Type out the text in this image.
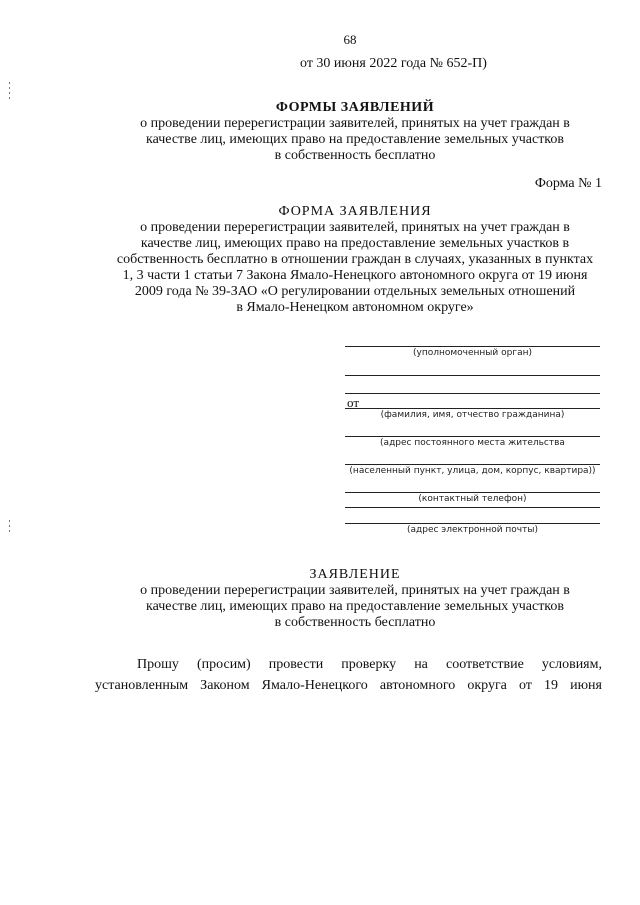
68
от 30 июня 2022 года № 652-П)
ФОРМЫ ЗАЯВЛЕНИЙ
о проведении перерегистрации заявителей, принятых на учет граждан в
качестве лиц, имеющих право на предоставление земельных участков
в собственность бесплатно
Форма № 1
ФОРМА ЗАЯВЛЕНИЯ
о проведении перерегистрации заявителей, принятых на учет граждан в
качестве лиц, имеющих право на предоставление земельных участков в
собственность бесплатно в отношении граждан в случаях, указанных в пунктах
1, 3 части 1 статьи 7 Закона Ямало-Ненецкого автономного округа от 19 июня
2009 года № 39-ЗАО «О регулировании отдельных земельных отношений
в Ямало-Ненецком автономном округе»
(уполномоченный орган)
от
(фамилия, имя, отчество гражданина)
(адрес постоянного места жительства
(населенный пункт, улица, дом, корпус, квартира))
(контактный телефон)
(адрес электронной почты)
ЗАЯВЛЕНИЕ
о проведении перерегистрации заявителей, принятых на учет граждан в
качестве лиц, имеющих право на предоставление земельных участков
в собственность бесплатно
Прошу (просим) провести проверку на соответствие условиям,
установленным Законом Ямало-Ненецкого автономного округа от 19 июня
